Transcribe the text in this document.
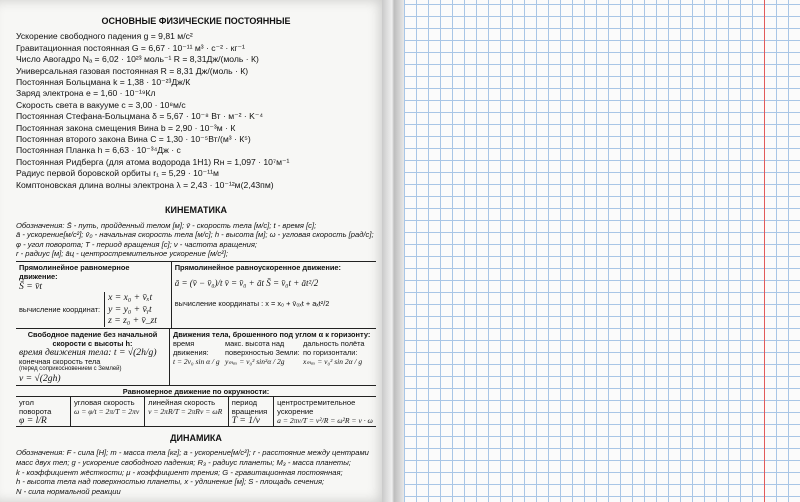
ОСНОВНЫЕ ФИЗИЧЕСКИЕ ПОСТОЯННЫЕ
Ускорение свободного падения g = 9,81 м/с²
Гравитационная постоянная G = 6,67 · 10⁻¹¹ м³ · с⁻² · кг⁻¹
Число Авогадро Nₐ = 6,02 · 10²³ моль⁻¹ R = 8,31Дж/(моль · К)
Универсальная газовая постоянная R = 8,31 Дж/(моль · К)
Постоянная Больцмана k = 1,38 · 10⁻²³Дж/К
Заряд электрона e = 1,60 · 10⁻¹⁹Кл
Скорость света в вакууме c = 3,00 · 10⁸м/с
Постоянная Стефана-Больцмана δ = 5,67 · 10⁻⁸ Вт · м⁻² · K⁻⁴
Постоянная закона смещения Вина b = 2,90 · 10⁻³м · К
Постоянная второго закона Вина C = 1,30 · 10⁻⁵Вт/(м³ · К⁵)
Постоянная Планка h = 6,63 · 10⁻³⁴Дж · с
Постоянная Ридберга (для атома водорода 1Н1) Rн = 1,097 · 10⁷м⁻¹
Радиус первой боровской орбиты r₁ = 5,29 · 10⁻¹¹м
Комптоновская длина волны электрона λ = 2,43 · 10⁻¹²м(2,43пм)
КИНЕМАТИКА
Обозначения: S̄ - путь, пройденный телом [м]; v̄ - скорость тела [м/с]; t - время [с];
ā - ускорение[м/с²]; v̄₀ - начальная скорость тела [м/с]; h - высота [м]; ω - угловая скорость [рад/с];
φ - угол поворота; T - период вращения [с]; ν - частота вращения;
r - радиус [м]; āц - центростремительное ускорение [м/с²];
Прямолинейное равномерное движение:
S̄ = v̄t
вычисление координат:
x = x₀ + v̄ₓt
y = y₀ + v̄ᵧt
z = z₀ + v̄_zt
Прямолинейное равноускоренное движение:
ā = (v̄ − v̄₀)/t v̄ = v̄₀ + āt S̄ = v̄₀t + āt²/2
вычисление координаты : x = x₀ + v̄₀ₓt + aₓt²/2
Свободное падение без начальной скорости с высоты h:
время движения тела: t = √(2h/g)
конечная скорость тела
(перед соприкосновением с Землей)
v = √(2gh)
Движения тела, брошенного под углом α к горизонту:
время движения:
t = 2v₀ sin α / g
макс. высота над поверхностью Земли:
yₘₐₓ = v₀² sin²α / 2g
дальность полёта по горизонтали:
xₘₐₓ = v₀² sin 2α / g
Равномерное движение по окружности:
угол поворота
φ = l/R
угловая скорость
ω = φ/t = 2π/T = 2πν
линейная скорость
v = 2πR/T = 2πRν = ωR
период вращения
T = 1/ν
центростремительное ускорение
a = 2πv/T = v²/R = ω²R = v · ω
ДИНАМИКА
Обозначения: F - сила [Н]; m - масса тела [кг]; a - ускорение[м/с²]; r - расстояние между центрами
масс двух тел; g - ускорение свободного падения; R₃ - радиус планеты; M₃ - масса планеты;
k - коэффициент жёсткости; μ - коэффициент трения; G - гравитационная постоянная;
h - высота тела над поверхностью планеты, x - удлинение [м]; S - площадь сечения;
N - сила нормальной реакции
